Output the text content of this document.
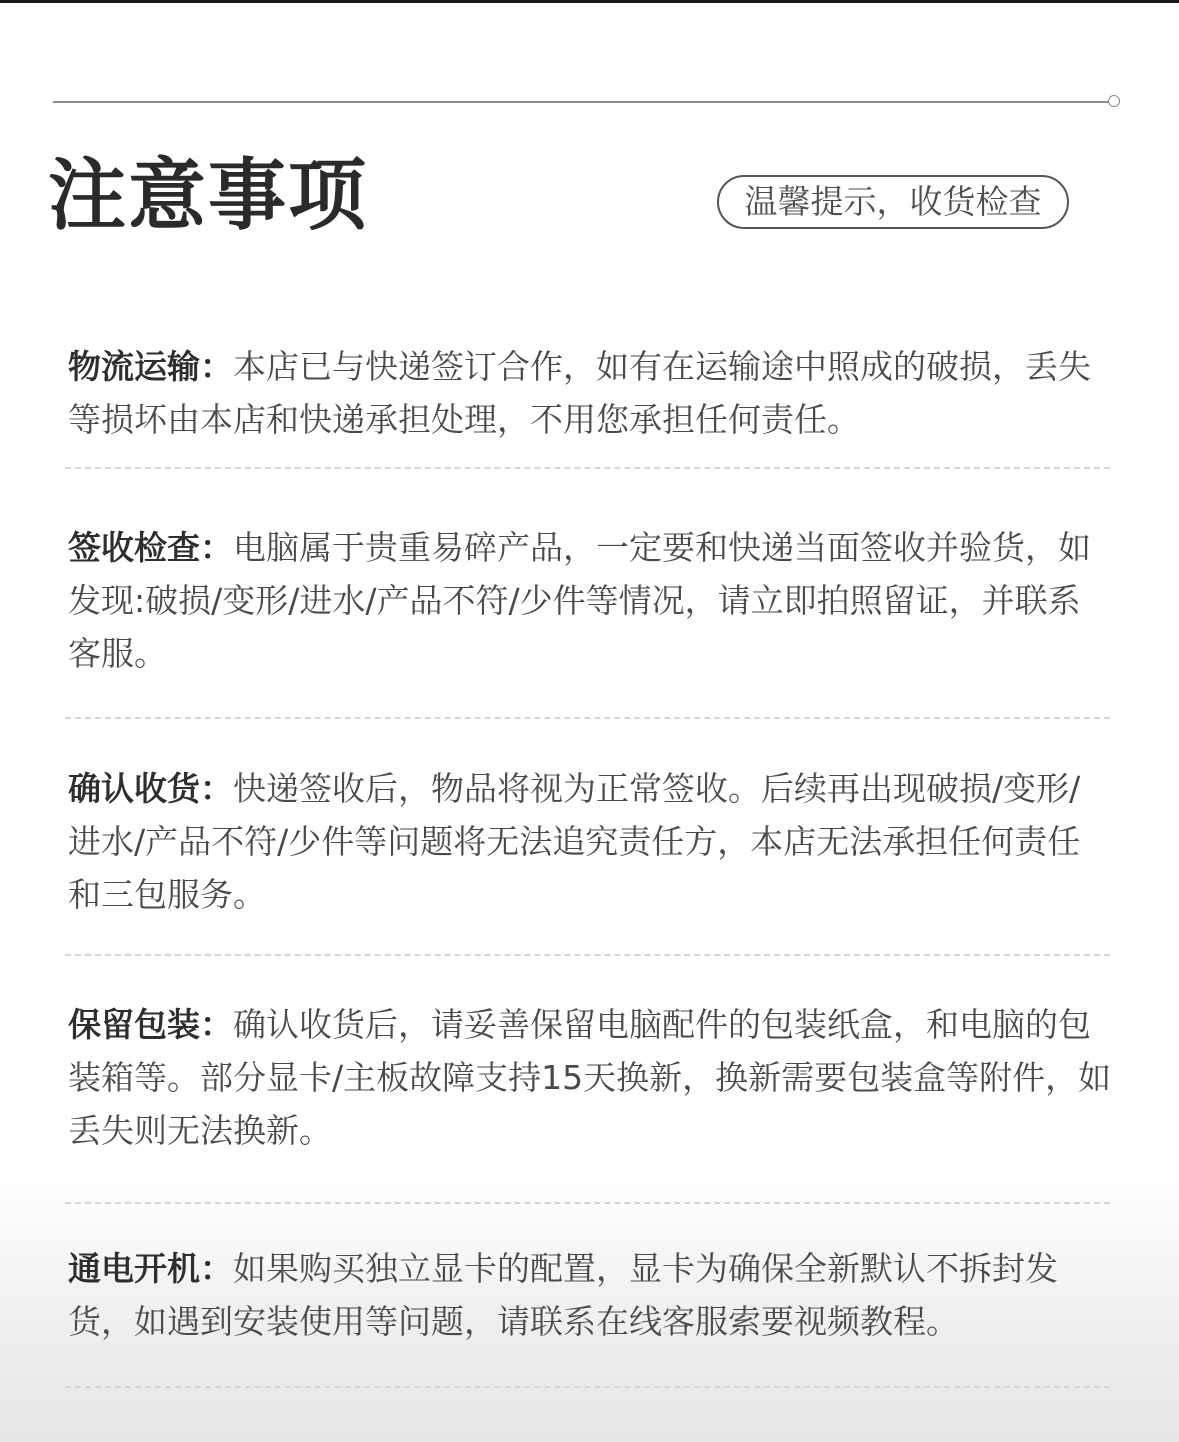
注意事项	温馨提示，收货检查

物流运输：本店已与快递签订合作，如有在运输途中照成的破损，丢失等损坏由本店和快递承担处理，不用您承担任何责任。

签收检查：电脑属于贵重易碎产品，一定要和快递当面签收并验货，如发现:破损/变形/进水/产品不符/少件等情况，请立即拍照留证，并联系客服。

确认收货：快递签收后，物品将视为正常签收。后续再出现破损/变形/进水/产品不符/少件等问题将无法追究责任方，本店无法承担任何责任和三包服务。

保留包装：确认收货后，请妥善保留电脑配件的包装纸盒，和电脑的包装箱等。部分显卡/主板故障支持15天换新，换新需要包装盒等附件，如丢失则无法换新。

通电开机：如果购买独立显卡的配置，显卡为确保全新默认不拆封发货，如遇到安装使用等问题，请联系在线客服索要视频教程。
